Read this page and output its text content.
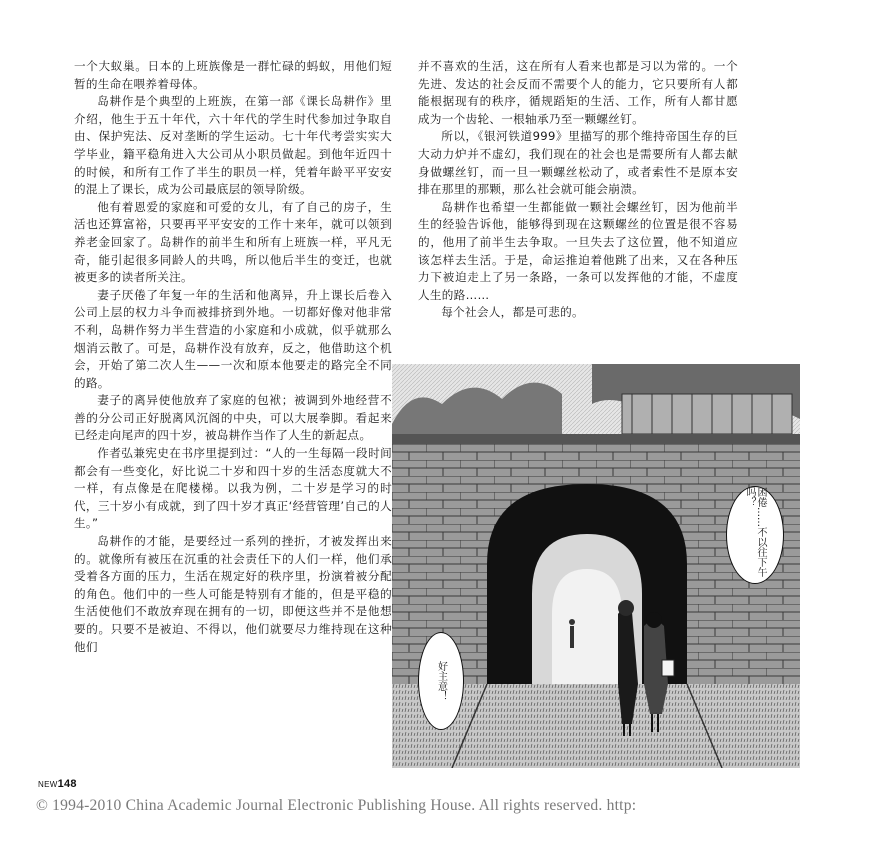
一个大蚁巢。日本的上班族像是一群忙碌的蚂蚁，用他们短暂的生命在喂养着母体。

岛耕作是个典型的上班族，在第一部《课长岛耕作》里介绍，他生于五十年代，六十年代的学生时代参加过争取自由、保护宪法、反对垄断的学生运动。七十年代考尝实实大学毕业，籍平稳角进入大公司从小职员做起。到他年近四十的时候，和所有工作了半生的职员一样，凭着年龄平平安安的混上了课长，成为公司最底层的领导阶级。

他有着恩爱的家庭和可爱的女儿，有了自己的房子，生活也还算富裕，只要再平平安安的工作十来年，就可以领到养老金回家了。岛耕作的前半生和所有上班族一样，平凡无奇，能引起很多同龄人的共鸣，所以他后半生的变迁，也就被更多的读者所关注。

妻子厌倦了年复一年的生活和他离异，升上课长后卷入公司上层的权力斗争而被排挤到外地。一切都好像对他非常不利，岛耕作努力半生营造的小家庭和小成就，似乎就那么烟消云散了。可是，岛耕作没有放弃，反之，他借助这个机会，开始了第二次人生——一次和原本他要走的路完全不同的路。

妻子的离异使他放弃了家庭的包袱；被调到外地经营不善的分公司正好脱离风沉阁的中央，可以大展拳脚。看起来已经走向尾声的四十岁，被岛耕作当作了人生的新起点。

作者弘兼宪史在书序里提到过：“人的一生每隔一段时间都会有一些变化，好比说二十岁和四十岁的生活态度就大不一样，有点像是在爬楼梯。以我为例，二十岁是学习的时代，三十岁小有成就，到了四十岁才真正‘经营管理’自己的人生。”

岛耕作的才能，是要经过一系列的挫折，才被发挥出来的。就像所有被压在沉重的社会责任下的人们一样，他们承受着各方面的压力，生活在规定好的秩序里，扮演着被分配的角色。他们中的一些人可能是特别有才能的，但是平稳的生活使他们不敢放弃现在拥有的一切，即便这些并不是他想要的。只要不是被迫、不得以，他们就要尽力维持现在这种他们

并不喜欢的生活，这在所有人看来也都是习以为常的。一个先进、发达的社会反而不需要个人的能力，它只要所有人都能根据现有的秩序，循规蹈矩的生活、工作，所有人都甘愿成为一个齿轮、一根轴承乃至一颗螺丝钉。

所以，《银河铁道999》里描写的那个维持帝国生存的巨大动力炉并不虚幻，我们现在的社会也是需要所有人都去献身做螺丝钉，而一旦一颗螺丝松动了，或者索性不是原本安排在那里的那颗，那么社会就可能会崩溃。

岛耕作也希望一生都能做一颗社会螺丝钉，因为他前半生的经验告诉他，能够得到现在这颗螺丝的位置是很不容易的，他用了前半生去争取。一旦失去了这位置，他不知道应该怎样去生活。于是，命运推迫着他跳了出来，又在各种压力下被迫走上了另一条路，一条可以发挥他的才能，不虚度人生的路……

每个社会人，都是可悲的。

困倦……不以往下午吗？
好主意！
NEW148
© 1994-2010 China Academic Journal Electronic Publishing House. All rights reserved. http:
